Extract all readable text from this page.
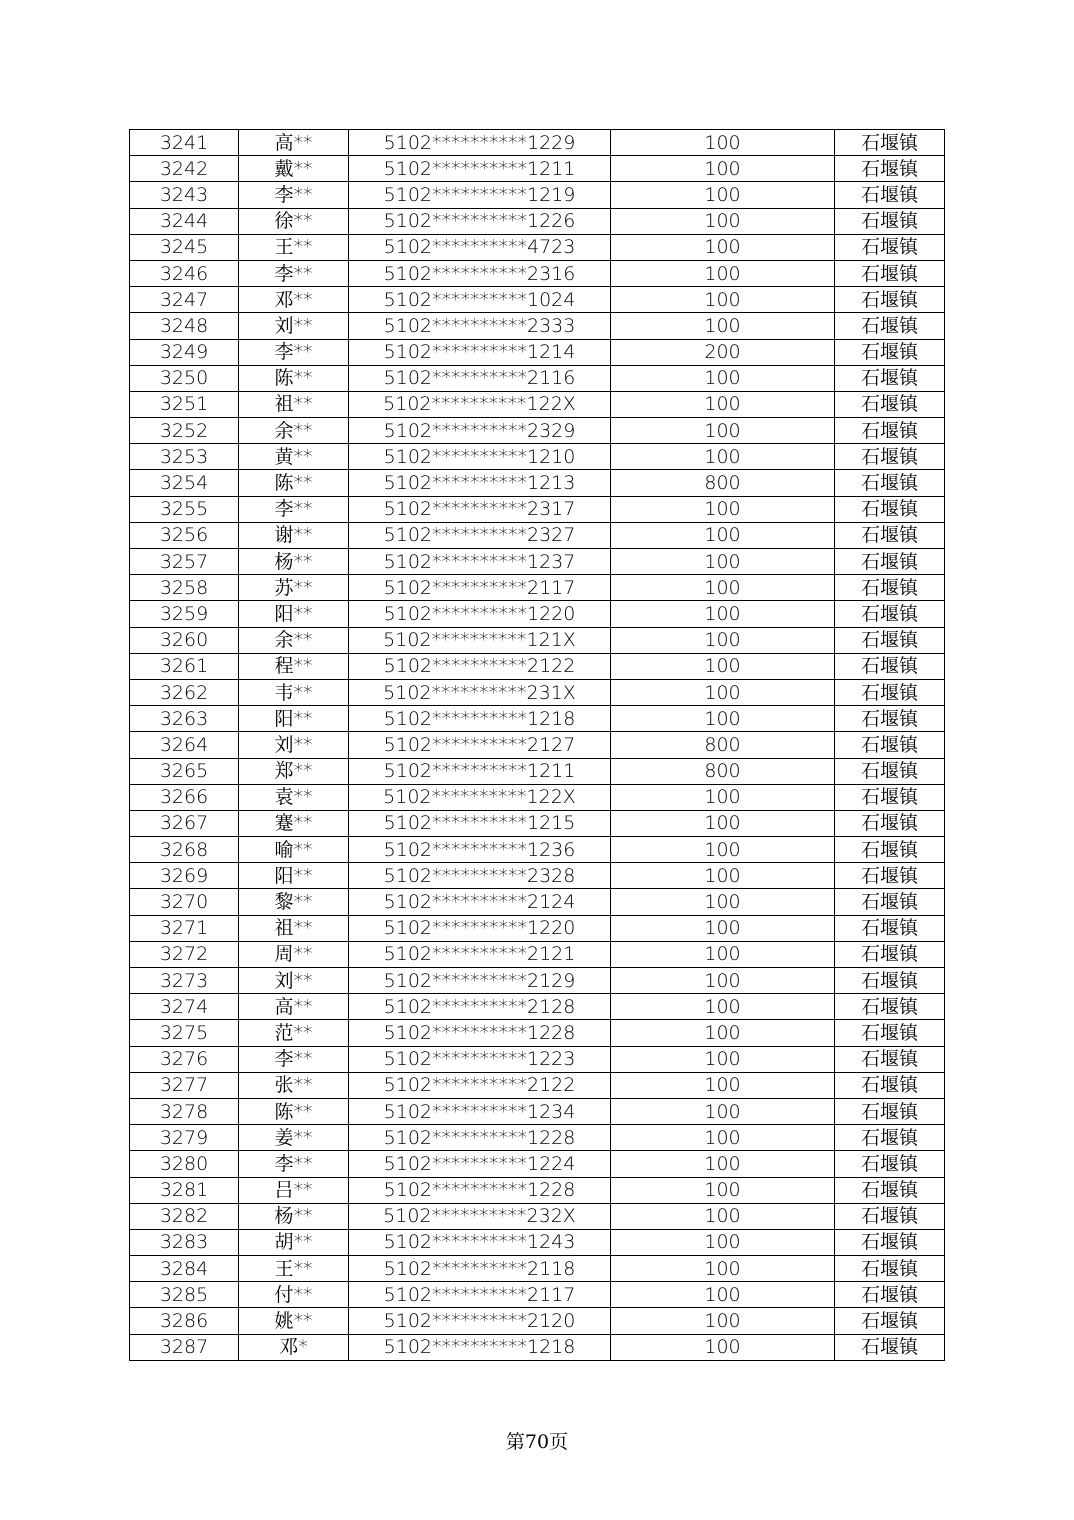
3241	高**	5102**********1229	100	石堰镇
3242	戴**	5102**********1211	100	石堰镇
3243	李**	5102**********1219	100	石堰镇
3244	徐**	5102**********1226	100	石堰镇
3245	王**	5102**********4723	100	石堰镇
3246	李**	5102**********2316	100	石堰镇
3247	邓**	5102**********1024	100	石堰镇
3248	刘**	5102**********2333	100	石堰镇
3249	李**	5102**********1214	200	石堰镇
3250	陈**	5102**********2116	100	石堰镇
3251	祖**	5102**********122X	100	石堰镇
3252	余**	5102**********2329	100	石堰镇
3253	黄**	5102**********1210	100	石堰镇
3254	陈**	5102**********1213	800	石堰镇
3255	李**	5102**********2317	100	石堰镇
3256	谢**	5102**********2327	100	石堰镇
3257	杨**	5102**********1237	100	石堰镇
3258	苏**	5102**********2117	100	石堰镇
3259	阳**	5102**********1220	100	石堰镇
3260	余**	5102**********121X	100	石堰镇
3261	程**	5102**********2122	100	石堰镇
3262	韦**	5102**********231X	100	石堰镇
3263	阳**	5102**********1218	100	石堰镇
3264	刘**	5102**********2127	800	石堰镇
3265	郑**	5102**********1211	800	石堰镇
3266	袁**	5102**********122X	100	石堰镇
3267	蹇**	5102**********1215	100	石堰镇
3268	喻**	5102**********1236	100	石堰镇
3269	阳**	5102**********2328	100	石堰镇
3270	黎**	5102**********2124	100	石堰镇
3271	祖**	5102**********1220	100	石堰镇
3272	周**	5102**********2121	100	石堰镇
3273	刘**	5102**********2129	100	石堰镇
3274	高**	5102**********2128	100	石堰镇
3275	范**	5102**********1228	100	石堰镇
3276	李**	5102**********1223	100	石堰镇
3277	张**	5102**********2122	100	石堰镇
3278	陈**	5102**********1234	100	石堰镇
3279	姜**	5102**********1228	100	石堰镇
3280	李**	5102**********1224	100	石堰镇
3281	吕**	5102**********1228	100	石堰镇
3282	杨**	5102**********232X	100	石堰镇
3283	胡**	5102**********1243	100	石堰镇
3284	王**	5102**********2118	100	石堰镇
3285	付**	5102**********2117	100	石堰镇
3286	姚**	5102**********2120	100	石堰镇
3287	邓*	5102**********1218	100	石堰镇
第70页
